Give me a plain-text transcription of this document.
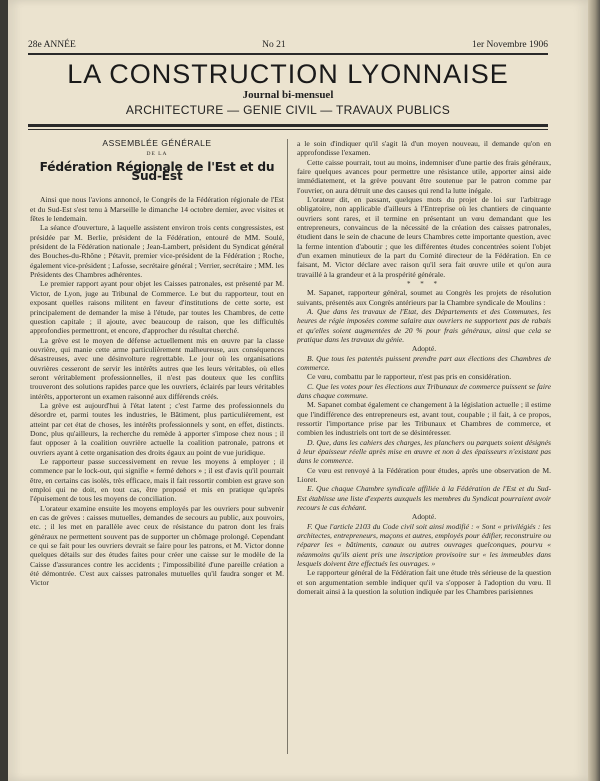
28e ANNÉE	No 21	1er Novembre 1906
LA CONSTRUCTION LYONNAISE
Journal bi-mensuel
ARCHITECTURE — GENIE CIVIL — TRAVAUX PUBLICS
ASSEMBLÉE GÉNÉRALE
DE LA
Fédération Régionale de l'Est et du Sud-Est

Ainsi que nous l'avions annoncé, le Congrès de la Fédération régionale de l'Est et du Sud-Est s'est tenu à Marseille le dimanche 14 octobre dernier, avec visites et fêtes le lendemain.

La séance d'ouverture, à laquelle assistent environ trois cents congressistes, est présidée par M. Berlie, président de la Fédération, entouré de MM. Soulé, président de la Fédération nationale ; Jean-Lambert, président du Syndicat général des Bouches-du-Rhône ; Pétavit, premier vice-président de la Fédération ; Roche, également vice-président ; Lafosse, secrétaire général ; Verrier, secrétaire ; MM. les Présidents des Chambres adhérentes.

Le premier rapport ayant pour objet les Caisses patronales, est présenté par M. Victor, de Lyon, juge au Tribunal de Commerce. Le but du rapporteur, tout en exposant quelles raisons militent en faveur d'institutions de cette sorte, est principalement de demander la mise à l'étude, par toutes les Chambres, de cette question capitale ; il ajoute, avec beaucoup de raison, que les difficultés approfondies permettront, et encore, d'approcher du résultat cherché.

La grève est le moyen de défense actuellement mis en œuvre par la classe ouvrière, qui manie cette arme particulièrement malheureuse, aux conséquences désastreuses, avec une désinvolture regrettable. Le jour où les organisations ouvrières cesseront de servir les intérêts autres que les leurs véritables, où elles seront véritablement professionnelles, il n'est pas douteux que les conflits trouveront des solutions rapides parce que les ouvriers, éclairés par leurs véritables intérêts, apporteront un examen raisonné aux différends créés.

La grève est aujourd'hui à l'état latent ; c'est l'arme des professionnels du désordre et, parmi toutes les industries, le Bâtiment, plus particulièrement, est atteint par cet état de choses, les intérêts professionnels y sont, en effet, distincts. Donc, plus qu'ailleurs, la recherche du remède à apporter s'impose chez nous ; il faut opposer à la coalition ouvrière actuelle la coalition patronale, patrons et ouvriers ayant à cette organisation des droits égaux au point de vue juridique.

Le rapporteur passe successivement en revue les moyens à employer ; il commence par le lock-out, qui signifie « fermé dehors » ; il est d'avis qu'il pourrait être, en certains cas isolés, très efficace, mais il fait ressortir combien est grave son emploi qui ne doit, en tout cas, être proposé et mis en pratique qu'après l'épuisement de tous les moyens de conciliation.

L'orateur examine ensuite les moyens employés par les ouvriers pour subvenir en cas de grèves : caisses mutuelles, demandes de secours au public, aux pouvoirs, etc. ; il les met en parallèle avec ceux de résistance du patron dont les frais généraux ne permettent souvent pas de supporter un chômage prolongé. Cependant ce qui se fait pour les ouvriers devrait se faire pour les patrons, et M. Victor donne quelques détails sur des études faites pour créer une caisse sur le modèle de la Caisse d'assurances contre les accidents ; l'impossibilité d'une pareille création a été démontrée. C'est aux caisses patronales mutuelles qu'il faudra songer et M. Victor

a le soin d'indiquer qu'il s'agit là d'un moyen nouveau, il demande qu'on en approfondisse l'examen.

Cette caisse pourrait, tout au moins, indemniser d'une partie des frais généraux, faire quelques avances pour permettre une résistance utile, apporter ainsi aide immédiatement, et la grève pouvant être soutenue par le patron comme par l'ouvrier, on aura détruit une des causes qui rend la lutte inégale.

L'orateur dit, en passant, quelques mots du projet de loi sur l'arbitrage obligatoire, non applicable d'ailleurs à l'Entreprise où les chantiers de cinquante ouvriers sont rares, et il termine en présentant un vœu demandant que les entrepreneurs, convaincus de la nécessité de la création des caisses patronales, étudient dans le sein de chacune de leurs Chambres cette importante question, avec la ferme intention d'aboutir ; que les différentes études concentrées soient l'objet d'un examen minutieux de la part du Comité directeur de la Fédération. En ce faisant, M. Victor déclare avec raison qu'il sera fait œuvre utile et qu'on aura travaillé à la grandeur et à la prospérité générale.

* * *

M. Sapanet, rapporteur général, soumet au Congrès les projets de résolution suivants, présentés aux Congrès antérieurs par la Chambre syndicale de Moulins :

A. Que dans les travaux de l'Etat, des Départements et des Communes, les heures de régie imposées comme salaire aux ouvriers ne supportent pas de rabais et qu'elles soient augmentées de 20 % pour frais généraux, ainsi que cela se pratique dans les travaux du génie.

Adopté.

B. Que tous les patentés puissent prendre part aux élections des Chambres de commerce.

Ce vœu, combattu par le rapporteur, n'est pas pris en considération.

C. Que les votes pour les élections aux Tribunaux de commerce puissent se faire dans chaque commune.

M. Sapanet combat également ce changement à la législation actuelle ; il estime que l'indifférence des entrepreneurs est, avant tout, coupable ; il fait, à ce propos, ressortir l'importance prise par les Tribunaux et Chambres de commerce, et combien les industriels ont tort de se désintéresser.

D. Que, dans les cahiers des charges, les planchers ou parquets soient désignés à leur épaisseur réelle après mise en œuvre et non à des épaisseurs n'existant pas dans le commerce.

Ce vœu est renvoyé à la Fédération pour études, après une observation de M. Lioret.

E. Que chaque Chambre syndicale affiliée à la Fédération de l'Est et du Sud-Est établisse une liste d'experts auxquels les membres du Syndicat pourraient avoir recours le cas échéant.

Adopté.

F. Que l'article 2103 du Code civil soit ainsi modifié : « Sont « privilégiés : les architectes, entrepreneurs, maçons et autres, employés pour édifier, reconstruire ou réparer les « bâtiments, canaux ou autres ouvrages quelconques, pourvu « néanmoins qu'ils aient pris une inscription provisoire sur « les immeubles dans lesquels doivent être effectués les ouvrages. »

Le rapporteur général de la Fédération fait une étude très sérieuse de la question et son argumentation semble indiquer qu'il va s'opposer à l'adoption du vœu. Il domerait ainsi à la question la solution indiquée par les Chambres parisiennes
